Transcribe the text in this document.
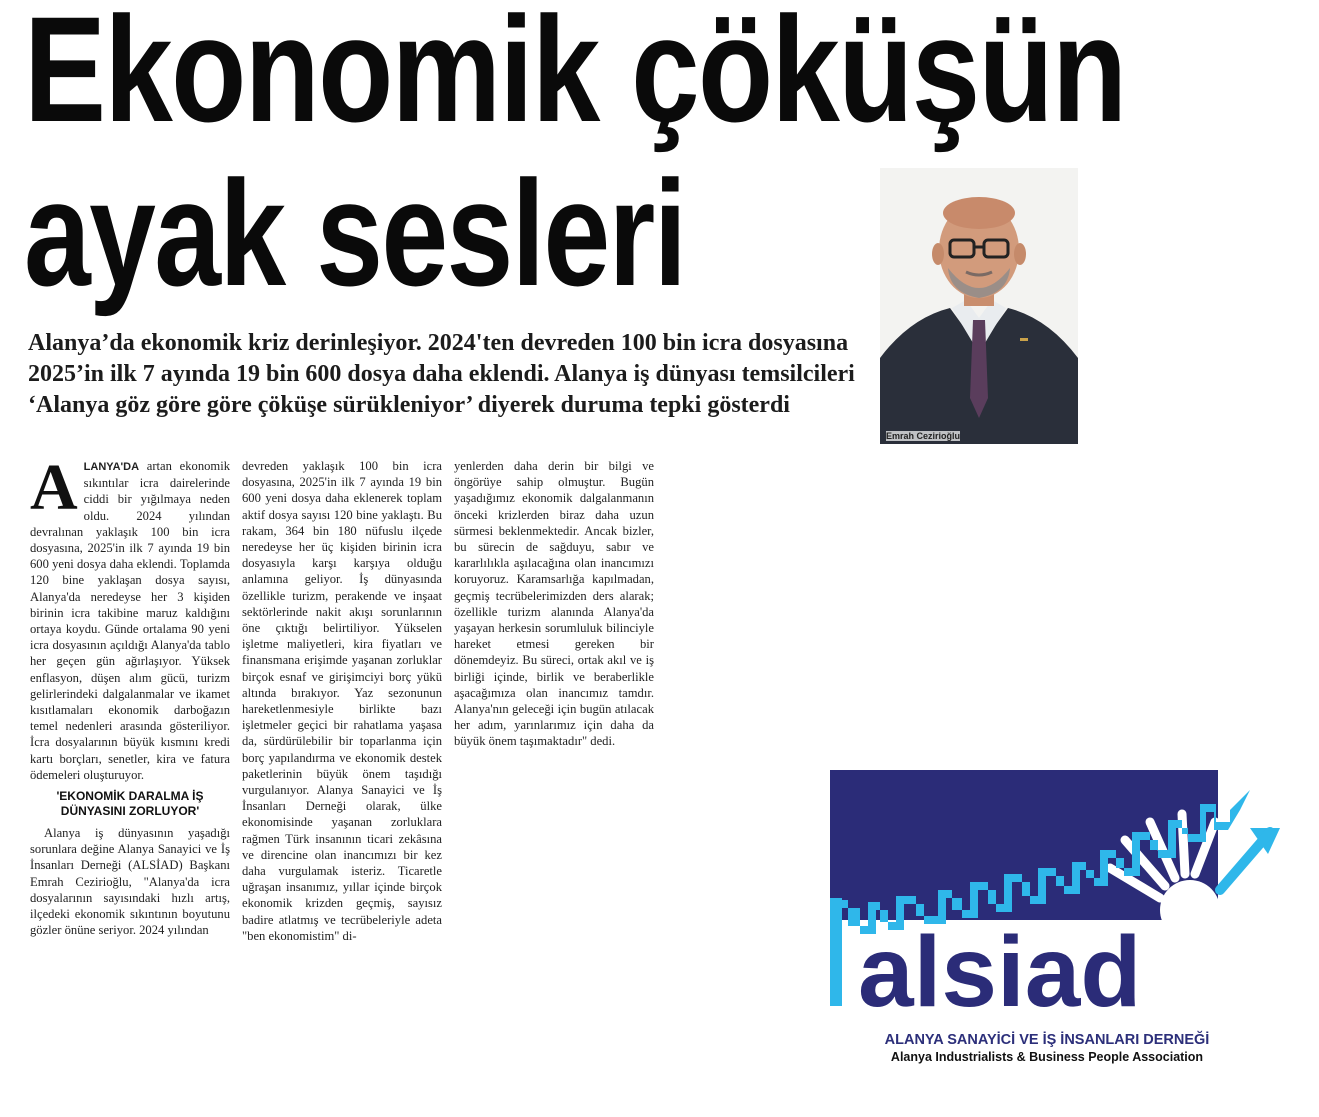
Ekonomik çöküşün
ayak sesleri

Alanya’da ekonomik kriz derinleşiyor. 2024'ten devreden 100 bin icra dosyasına 2025’in ilk 7 ayında 19 bin 600 dosya daha eklendi. Alanya iş dünyası temsilcileri ‘Alanya göz göre göre çöküşe sürükleniyor’ diyerek duruma tepki gösterdi

Emrah Cezirioğlu

A LANYA'DA artan ekonomik sıkıntılar icra dairelerinde ciddi bir yığılmaya neden oldu. 2024 yılından devralınan yaklaşık 100 bin icra dosyasına, 2025'in ilk 7 ayında 19 bin 600 yeni dosya daha eklendi. Toplamda 120 bine yaklaşan dosya sayısı, Alanya'da neredeyse her 3 kişiden birinin icra takibine maruz kaldığını ortaya koydu. Günde ortalama 90 yeni icra dosyasının açıldığı Alanya'da tablo her geçen gün ağırlaşıyor. Yüksek enflasyon, düşen alım gücü, turizm gelirlerindeki dalgalanmalar ve ikamet kısıtlamaları ekonomik darboğazın temel nedenleri arasında gösteriliyor. İcra dosyalarının büyük kısmını kredi kartı borçları, senetler, kira ve fatura ödemeleri oluşturuyor.

'EKONOMİK DARALMA İŞ DÜNYASINI ZORLUYOR'

Alanya iş dünyasının yaşadığı sorunlara değine Alanya Sanayici ve İş İnsanları Derneği (ALSİAD) Başkanı Emrah Cezirioğlu, "Alanya'da icra dosyalarının sayısındaki hızlı artış, ilçedeki ekonomik sıkıntının boyutunu gözler önüne seriyor. 2024 yılından

devreden yaklaşık 100 bin icra dosyasına, 2025'in ilk 7 ayında 19 bin 600 yeni dosya daha eklenerek toplam aktif dosya sayısı 120 bine yaklaştı. Bu rakam, 364 bin 180 nüfuslu ilçede neredeyse her üç kişiden birinin icra dosyasıyla karşı karşıya olduğu anlamına geliyor. İş dünyasında özellikle turizm, perakende ve inşaat sektörlerinde nakit akışı sorunlarının öne çıktığı belirtiliyor. Yükselen işletme maliyetleri, kira fiyatları ve finansmana erişimde yaşanan zorluklar birçok esnaf ve girişimciyi borç yükü altında bırakıyor. Yaz sezonunun hareketlenmesiyle birlikte bazı işletmeler geçici bir rahatlama yaşasa da, sürdürülebilir bir toparlanma için borç yapılandırma ve ekonomik destek paketlerinin büyük önem taşıdığı vurgulanıyor. Alanya Sanayici ve İş İnsanları Derneği olarak, ülke ekonomisinde yaşanan zorluklara rağmen Türk insanının ticari zekâsına ve direncine olan inancımızı bir kez daha vurgulamak isteriz. Ticaretle uğraşan insanımız, yıllar içinde birçok ekonomik krizden geçmiş, sayısız badire atlatmış ve tecrübeleriyle adeta "ben ekonomistim" di-

yenlerden daha derin bir bilgi ve öngörüye sahip olmuştur. Bugün yaşadığımız ekonomik dalgalanmanın önceki krizlerden biraz daha uzun sürmesi beklenmektedir. Ancak bizler, bu sürecin de sağduyu, sabır ve kararlılıkla aşılacağına olan inancımızı koruyoruz. Karamsarlığa kapılmadan, geçmiş tecrübelerimizden ders alarak; özellikle turizm alanında Alanya'da yaşayan herkesin sorumluluk bilinciyle hareket etmesi gereken bir dönemdeyiz. Bu süreci, ortak akıl ve iş birliği içinde, birlik ve beraberlikle aşacağımıza olan inancımız tamdır. Alanya'nın geleceği için bugün atılacak her adım, yarınlarımız için daha da büyük önem taşımaktadır" dedi.

alsiad
ALANYA SANAYİCİ VE İŞ İNSANLARI DERNEĞİ
Alanya Industrialists & Business People Association
